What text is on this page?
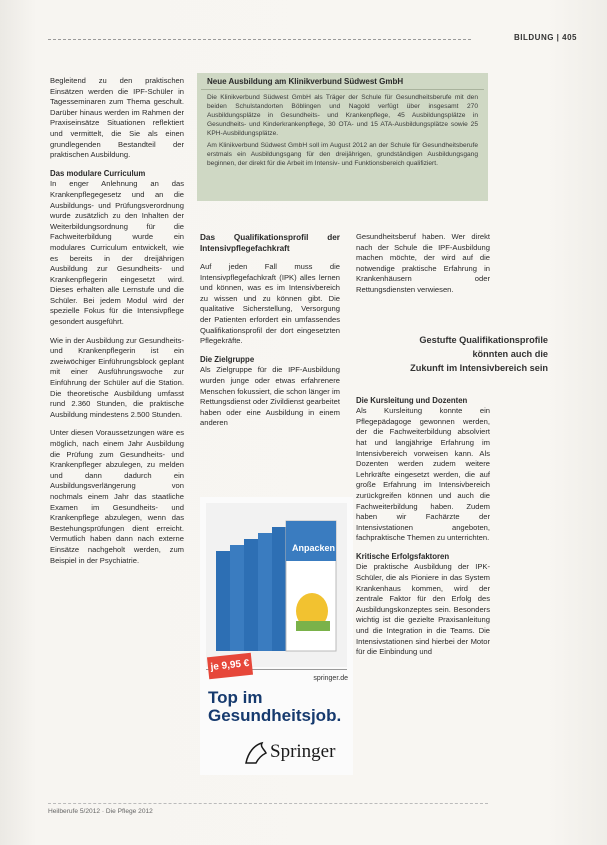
BILDUNG | 405

Begleitend zu den praktischen Einsätzen werden die IPF-Schüler in Tagesseminaren zum Thema geschult. Darüber hinaus werden im Rahmen der Praxiseinsätze Situationen reflektiert und vermittelt, die Sie als einen grundlegenden Bestandteil der praktischen Ausbildung.

Das modulare Curriculum

In enger Anlehnung an das Krankenpflegegesetz und an die Ausbildungs- und Prüfungsverordnung wurde zusätzlich zu den Inhalten der Weiterbildungsordnung für die Fachweiterbildung wurde ein modulares Curriculum entwickelt, wie es bereits in der dreijährigen Ausbildung zur Gesundheits- und Krankenpflegerin eingesetzt wird. Dieses erhalten alle Lernstufe und die Schüler. Bei jedem Modul wird der spezielle Fokus für die Intensivpflege gesondert ausgeführt.

Wie in der Ausbildung zur Gesundheits- und Krankenpflegerin ist ein zweiwöchiger Einführungsblock geplant mit einer Ausführungswoche zur Einführung der Schüler auf die Station. Die theoretische Ausbildung umfasst rund 2.360 Stunden, die praktische Ausbildung mindestens 2.500 Stunden.

Unter diesen Voraussetzungen wäre es möglich, nach einem Jahr Ausbildung die Prüfung zum Gesundheits- und Krankenpfleger abzulegen, zu melden und dann dadurch ein Ausbildungsverlängerung von nochmals einem Jahr das staatliche Examen im Gesundheits- und Krankenpflege abzulegen, wenn das Bestehungsprüfungen dient erreicht. Vermutlich haben dann nach externe Einsätze nachgeholt werden, zum Beispiel in der Psychiatrie.

Neue Ausbildung am Klinikverbund Südwest GmbH

Die Klinikverbund Südwest GmbH als Träger der Schule für Gesundheitsberufe mit den beiden Schulstandorten Böblingen und Nagold verfügt über insgesamt 270 Ausbildungsplätze in Gesundheits- und Krankenpflege, 45 Ausbildungsplätze in Gesundheits- und Kinderkrankenpflege, 30 OTA- und 15 ATA-Ausbildungsplätze sowie 25 KPH-Ausbildungsplätze.

Am Klinikverbund Südwest GmbH soll im August 2012 an der Schule für Gesundheitsberufe erstmals ein Ausbildungsgang für den dreijährigen, grundständigen Ausbildungsgang beginnen, der direkt für die Arbeit im Intensiv- und Funktionsbereich qualifiziert.

Das Qualifikationsprofil der Intensivpflegefachkraft

Auf jeden Fall muss die Intensivpflegefachkraft (IPK) alles lernen und können, was es im Intensivbereich zu wissen und zu können gibt. Die qualitative Sicherstellung, Versorgung der Patienten erfordert ein umfassendes Qualifikationsprofil der dort eingesetzten Pflegekräfte.

Die Zielgruppe

Als Zielgruppe für die IPF-Ausbildung wurden junge oder etwas erfahrenere Menschen fokussiert, die schon länger im Rettungsdienst oder Zivildienst gearbeitet haben oder eine Ausbildung in einem anderen

Gesundheitsberuf haben. Wer direkt nach der Schule die IPF-Ausbildung machen möchte, der wird auf die notwendige praktische Erfahrung in Krankenhäusern oder Rettungsdiensten verwiesen.

Die Kursleitung und Dozenten

Als Kursleitung konnte ein Pflegepädagoge gewonnen werden, der die Fachweiterbildung absolviert hat und langjährige Erfahrung im Intensivbereich vorweisen kann. Als Dozenten werden zudem weitere Lehrkräfte eingesetzt werden, die auf große Erfahrung im Intensivbereich zurückgreifen können und auch die Fachweiterbildung haben. Zudem haben wir Fachärzte der Intensivstationen angeboten, fachpraktische Themen zu unterrichten.

Kritische Erfolgsfaktoren

Die praktische Ausbildung der IPK-Schüler, die als Pioniere in das System Krankenhaus kommen, wird der zentrale Faktor für den Erfolg des Ausbildungskonzeptes sein. Besonders wichtig ist die gezielte Praxisanleitung und die Integration in die Teams. Die Intensivstationen sind hierbei der Motor für die Einbindung und

Gestufte Qualifikationsprofile
könnten auch die
Zukunft im Intensivbereich sein
Anpacken
je 9,95 €
springer.de
Top im
Gesundheitsjob.
Springer
Heilberufe 5/2012 · Die Pflege 2012
